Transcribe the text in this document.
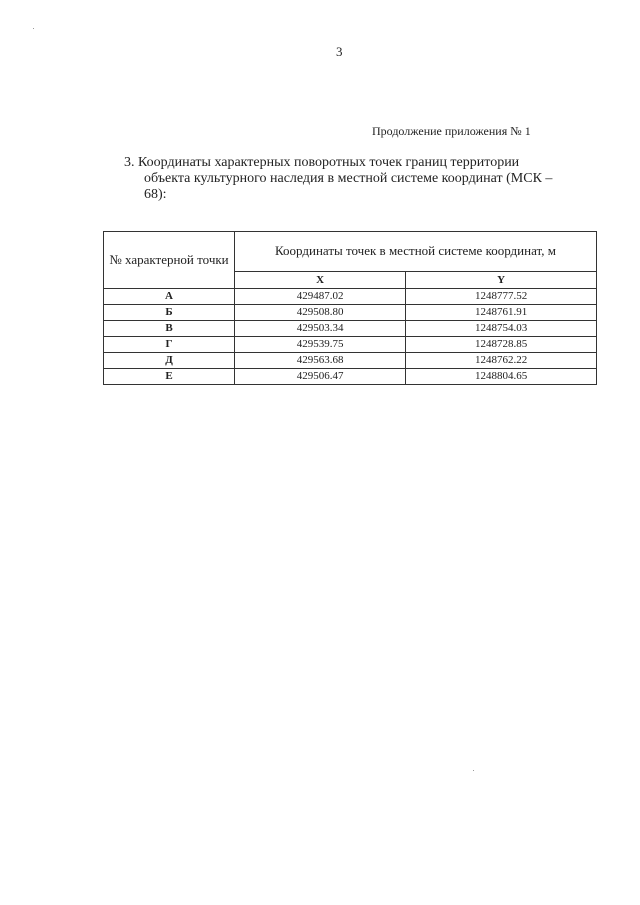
3
Продолжение приложения № 1
3. Координаты характерных поворотных точек границ территории
объекта культурного наследия в местной системе координат (МСК –
68):
№ характерной точки	Координаты точек в местной системе координат, м	
	X	Y
А	429487.02	1248777.52
Б	429508.80	1248761.91
В	429503.34	1248754.03
Г	429539.75	1248728.85
Д	429563.68	1248762.22
Е	429506.47	1248804.65
